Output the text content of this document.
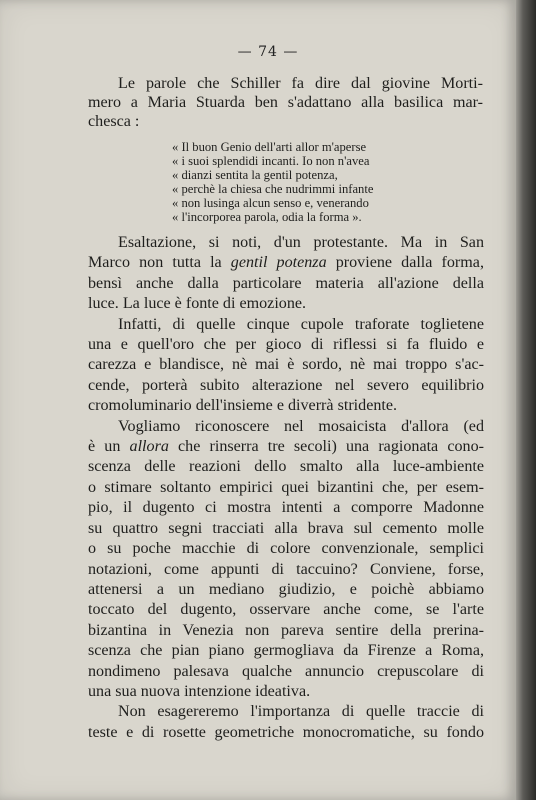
— 74 —
Le parole che Schiller fa dire dal giovine Morti-
mero a Maria Stuarda ben s'adattano alla basilica mar-
chesca :
« Il buon Genio dell'arti allor m'aperse
« i suoi splendidi incanti. Io non n'avea
« dianzi sentita la gentil potenza,
« perchè la chiesa che nudrimmi infante
« non lusinga alcun senso e, venerando
« l'incorporea parola, odia la forma ».
Esaltazione, si noti, d'un protestante. Ma in San
Marco non tutta la gentil potenza proviene dalla forma,
bensì anche dalla particolare materia all'azione della
luce. La luce è fonte di emozione.
Infatti, di quelle cinque cupole traforate toglietene
una e quell'oro che per gioco di riflessi si fa fluido e
carezza e blandisce, nè mai è sordo, nè mai troppo s'ac-
cende, porterà subito alterazione nel severo equilibrio
cromoluminario dell'insieme e diverrà stridente.
Vogliamo riconoscere nel mosaicista d'allora (ed
è un allora che rinserra tre secoli) una ragionata cono-
scenza delle reazioni dello smalto alla luce-ambiente
o stimare soltanto empirici quei bizantini che, per esem-
pio, il dugento ci mostra intenti a comporre Madonne
su quattro segni tracciati alla brava sul cemento molle
o su poche macchie di colore convenzionale, semplici
notazioni, come appunti di taccuino? Conviene, forse,
attenersi a un mediano giudizio, e poichè abbiamo
toccato del dugento, osservare anche come, se l'arte
bizantina in Venezia non pareva sentire della prerina-
scenza che pian piano germogliava da Firenze a Roma,
nondimeno palesava qualche annuncio crepuscolare di
una sua nuova intenzione ideativa.
Non esagereremo l'importanza di quelle traccie di
teste e di rosette geometriche monocromatiche, su fondo
